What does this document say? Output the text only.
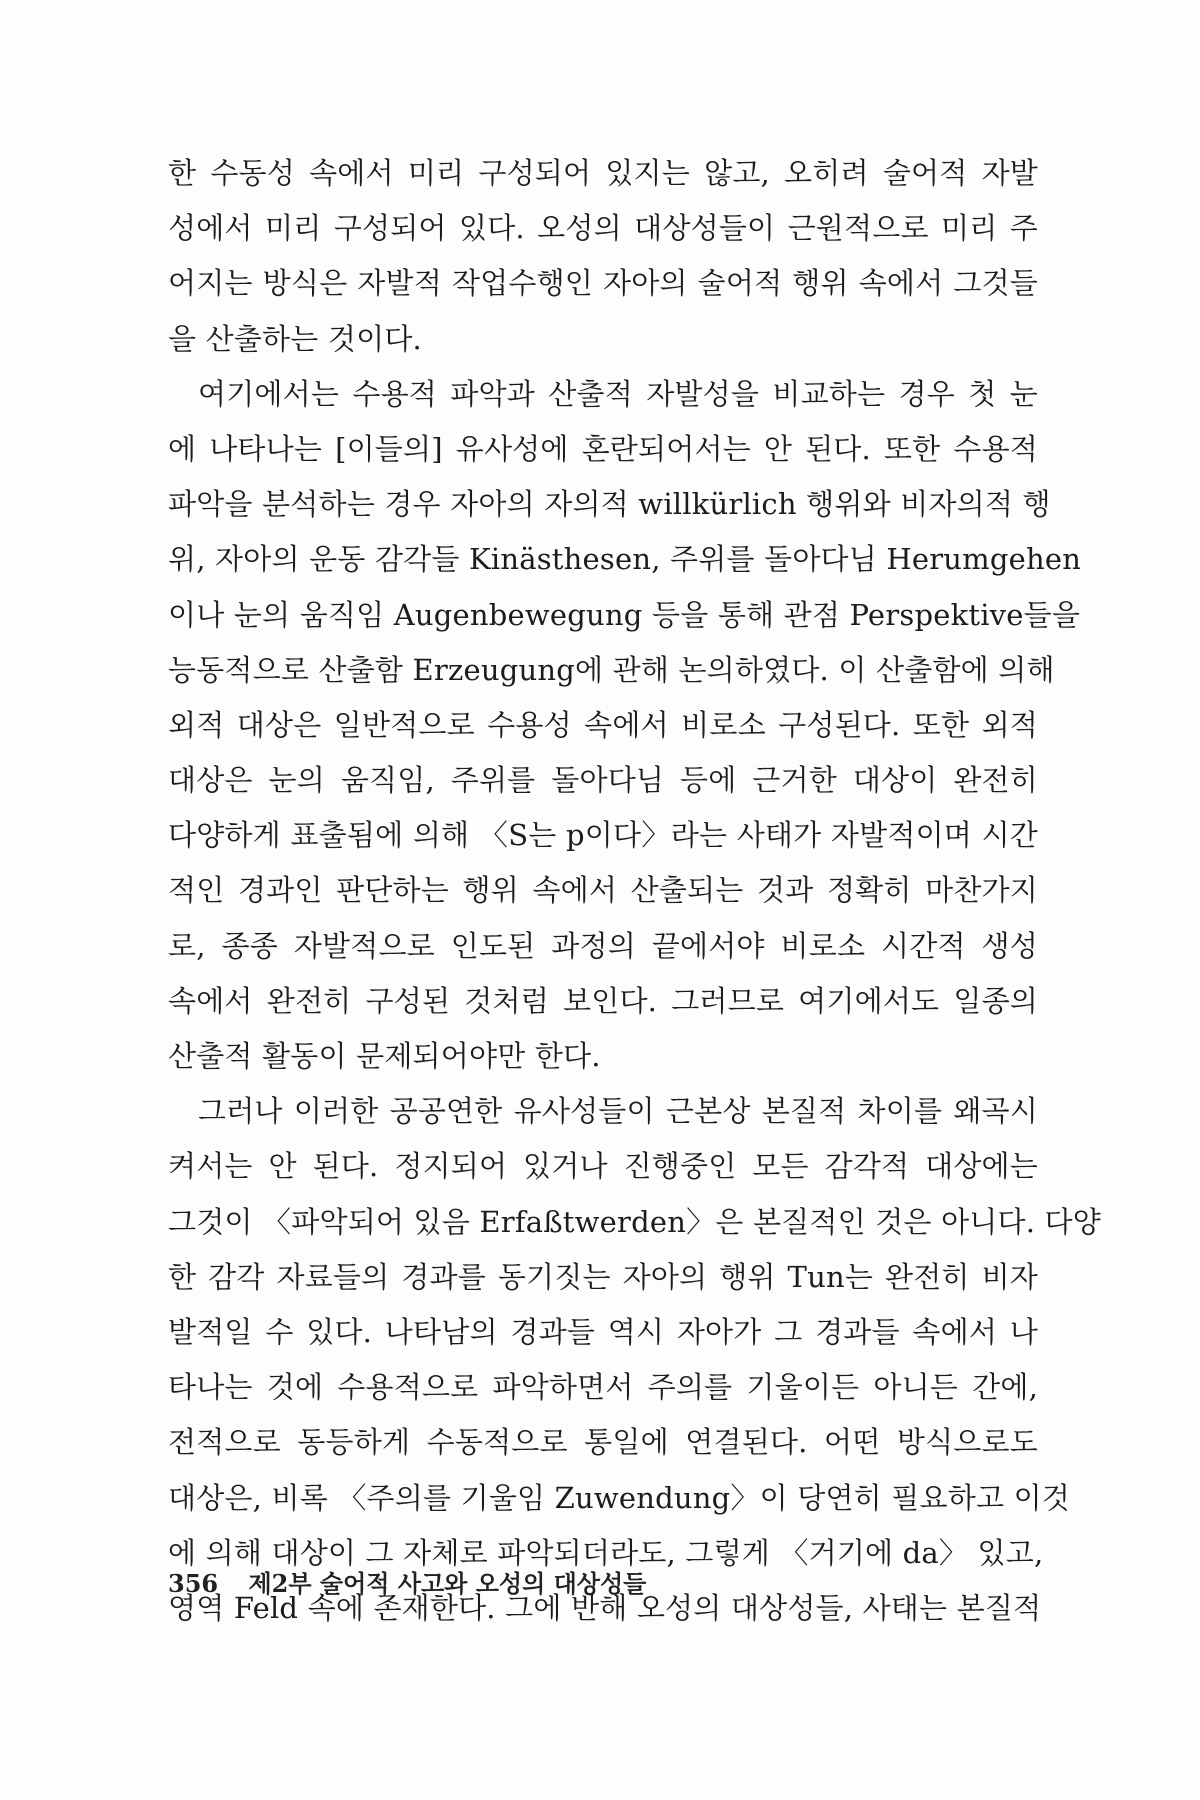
한 수동성 속에서 미리 구성되어 있지는 않고, 오히려 술어적 자발
성에서 미리 구성되어 있다. 오성의 대상성들이 근원적으로 미리 주
어지는 방식은 자발적 작업수행인 자아의 술어적 행위 속에서 그것들
을 산출하는 것이다.
여기에서는 수용적 파악과 산출적 자발성을 비교하는 경우 첫 눈
에 나타나는 [이들의] 유사성에 혼란되어서는 안 된다. 또한 수용적
파악을 분석하는 경우 자아의 자의적 willkürlich 행위와 비자의적 행
위, 자아의 운동 감각들 Kinästhesen, 주위를 돌아다님 Herumgehen
이나 눈의 움직임 Augenbewegung 등을 통해 관점 Perspektive들을
능동적으로 산출함 Erzeugung에 관해 논의하였다. 이 산출함에 의해
외적 대상은 일반적으로 수용성 속에서 비로소 구성된다. 또한 외적
대상은 눈의 움직임, 주위를 돌아다님 등에 근거한 대상이 완전히
다양하게 표출됨에 의해 〈S는 p이다〉라는 사태가 자발적이며 시간
적인 경과인 판단하는 행위 속에서 산출되는 것과 정확히 마찬가지
로, 종종 자발적으로 인도된 과정의 끝에서야 비로소 시간적 생성
속에서 완전히 구성된 것처럼 보인다. 그러므로 여기에서도 일종의
산출적 활동이 문제되어야만 한다.
그러나 이러한 공공연한 유사성들이 근본상 본질적 차이를 왜곡시
켜서는 안 된다. 정지되어 있거나 진행중인 모든 감각적 대상에는
그것이 〈파악되어 있음 Erfaßtwerden〉은 본질적인 것은 아니다. 다양
한 감각 자료들의 경과를 동기짓는 자아의 행위 Tun는 완전히 비자
발적일 수 있다. 나타남의 경과들 역시 자아가 그 경과들 속에서 나
타나는 것에 수용적으로 파악하면서 주의를 기울이든 아니든 간에,
전적으로 동등하게 수동적으로 통일에 연결된다. 어떤 방식으로도
대상은, 비록 〈주의를 기울임 Zuwendung〉이 당연히 필요하고 이것
에 의해 대상이 그 자체로 파악되더라도, 그렇게 〈거기에 da〉 있고,
영역 Feld 속에 존재한다. 그에 반해 오성의 대상성들, 사태는 본질적
356 제2부 술어적 사고와 오성의 대상성들
